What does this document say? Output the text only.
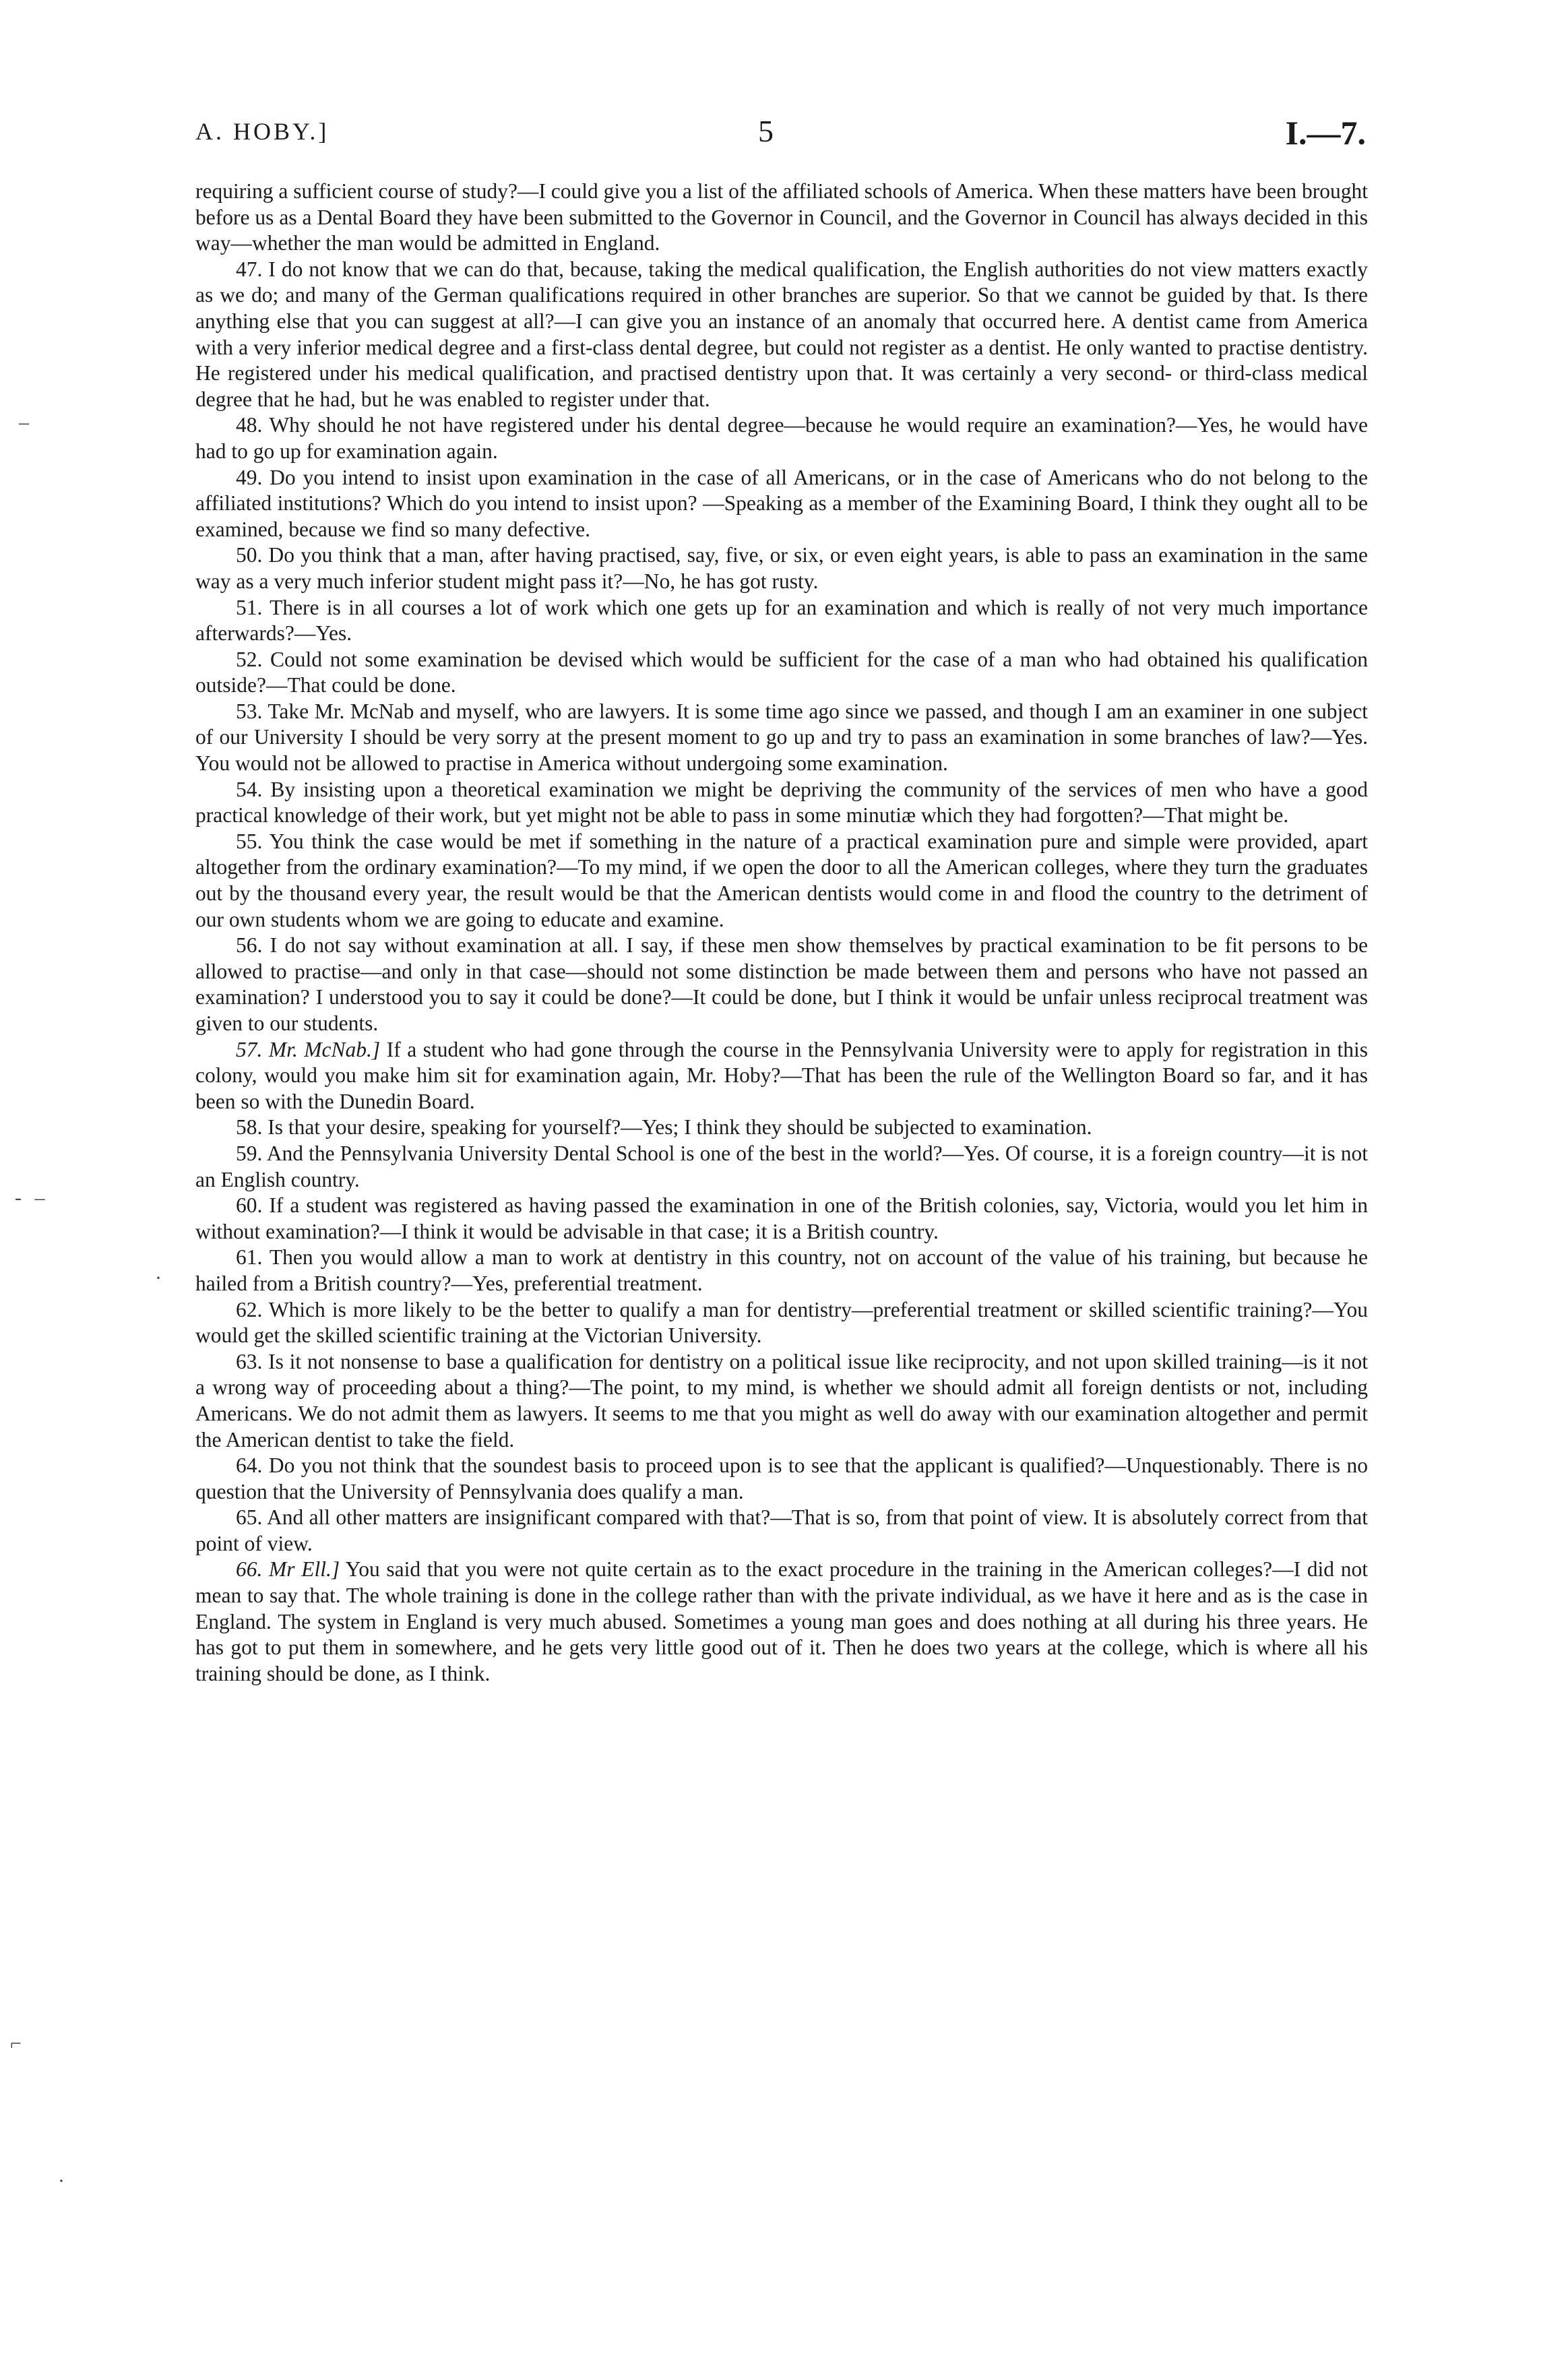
A. HOBY.]	5	I.—7.

requiring a sufficient course of study?—I could give you a list of the affiliated schools of America. When these matters have been brought before us as a Dental Board they have been submitted to the Governor in Council, and the Governor in Council has always decided in this way—whether the man would be admitted in England.

47. I do not know that we can do that, because, taking the medical qualification, the English authorities do not view matters exactly as we do; and many of the German qualifications required in other branches are superior. So that we cannot be guided by that. Is there anything else that you can suggest at all?—I can give you an instance of an anomaly that occurred here. A dentist came from America with a very inferior medical degree and a first-class dental degree, but could not register as a dentist. He only wanted to practise dentistry. He registered under his medical qualification, and practised dentistry upon that. It was certainly a very second- or third-class medical degree that he had, but he was enabled to register under that.

48. Why should he not have registered under his dental degree—because he would require an examination?—Yes, he would have had to go up for examination again.

49. Do you intend to insist upon examination in the case of all Americans, or in the case of Americans who do not belong to the affiliated institutions? Which do you intend to insist upon? —Speaking as a member of the Examining Board, I think they ought all to be examined, because we find so many defective.

50. Do you think that a man, after having practised, say, five, or six, or even eight years, is able to pass an examination in the same way as a very much inferior student might pass it?—No, he has got rusty.

51. There is in all courses a lot of work which one gets up for an examination and which is really of not very much importance afterwards?—Yes.

52. Could not some examination be devised which would be sufficient for the case of a man who had obtained his qualification outside?—That could be done.

53. Take Mr. McNab and myself, who are lawyers. It is some time ago since we passed, and though I am an examiner in one subject of our University I should be very sorry at the present moment to go up and try to pass an examination in some branches of law?—Yes. You would not be allowed to practise in America without undergoing some examination.

54. By insisting upon a theoretical examination we might be depriving the community of the services of men who have a good practical knowledge of their work, but yet might not be able to pass in some minutiæ which they had forgotten?—That might be.

55. You think the case would be met if something in the nature of a practical examination pure and simple were provided, apart altogether from the ordinary examination?—To my mind, if we open the door to all the American colleges, where they turn the graduates out by the thousand every year, the result would be that the American dentists would come in and flood the country to the detriment of our own students whom we are going to educate and examine.

56. I do not say without examination at all. I say, if these men show themselves by practical examination to be fit persons to be allowed to practise—and only in that case—should not some distinction be made between them and persons who have not passed an examination? I understood you to say it could be done?—It could be done, but I think it would be unfair unless reciprocal treatment was given to our students.

57. Mr. McNab.] If a student who had gone through the course in the Pennsylvania University were to apply for registration in this colony, would you make him sit for examination again, Mr. Hoby?—That has been the rule of the Wellington Board so far, and it has been so with the Dunedin Board.

58. Is that your desire, speaking for yourself?—Yes; I think they should be subjected to examination.

59. And the Pennsylvania University Dental School is one of the best in the world?—Yes. Of course, it is a foreign country—it is not an English country.

60. If a student was registered as having passed the examination in one of the British colonies, say, Victoria, would you let him in without examination?—I think it would be advisable in that case; it is a British country.

61. Then you would allow a man to work at dentistry in this country, not on account of the value of his training, but because he hailed from a British country?—Yes, preferential treatment.

62. Which is more likely to be the better to qualify a man for dentistry—preferential treatment or skilled scientific training?—You would get the skilled scientific training at the Victorian University.

63. Is it not nonsense to base a qualification for dentistry on a political issue like reciprocity, and not upon skilled training—is it not a wrong way of proceeding about a thing?—The point, to my mind, is whether we should admit all foreign dentists or not, including Americans. We do not admit them as lawyers. It seems to me that you might as well do away with our examination altogether and permit the American dentist to take the field.

64. Do you not think that the soundest basis to proceed upon is to see that the applicant is qualified?—Unquestionably. There is no question that the University of Pennsylvania does qualify a man.

65. And all other matters are insignificant compared with that?—That is so, from that point of view. It is absolutely correct from that point of view.

66. Mr Ell.] You said that you were not quite certain as to the exact procedure in the training in the American colleges?—I did not mean to say that. The whole training is done in the college rather than with the private individual, as we have it here and as is the case in England. The system in England is very much abused. Sometimes a young man goes and does nothing at all during his three years. He has got to put them in somewhere, and he gets very little good out of it. Then he does two years at the college, which is where all his training should be done, as I think.

–
- –
·
⌐
·
